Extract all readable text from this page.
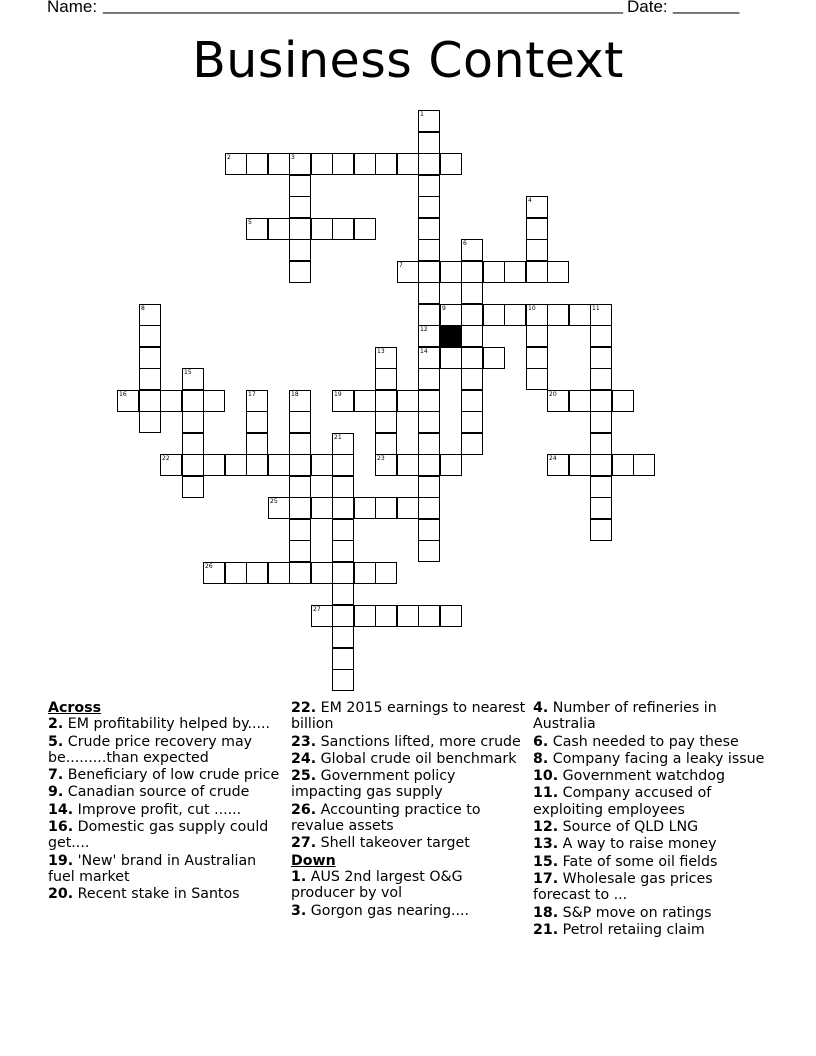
Name: _______________________________________________________ Date: _______
Business Context
1
12
14
2	3
4
5
6
7
8	9	10	11
13
23
15
16	17	18	19	20
21
22	24
25
26
27
Across
2. EM profitability helped by.....
5. Crude price recovery may be.........than expected
7. Beneficiary of low crude price
9. Canadian source of crude
14. Improve profit, cut ......
16. Domestic gas supply could get....
19. 'New' brand in Australian fuel market
20. Recent stake in Santos
22. EM 2015 earnings to nearest billion
23. Sanctions lifted, more crude
24. Global crude oil benchmark
25. Government policy impacting gas supply
26. Accounting practice to revalue assets
27. Shell takeover target
Down
1. AUS 2nd largest O&G producer by vol
3. Gorgon gas nearing....
4. Number of refineries in Australia
6. Cash needed to pay these
8. Company facing a leaky issue
10. Government watchdog
11. Company accused of exploiting employees
12. Source of QLD LNG
13. A way to raise money
15. Fate of some oil fields
17. Wholesale gas prices forecast to ...
18. S&P move on ratings
21. Petrol retaiing claim
